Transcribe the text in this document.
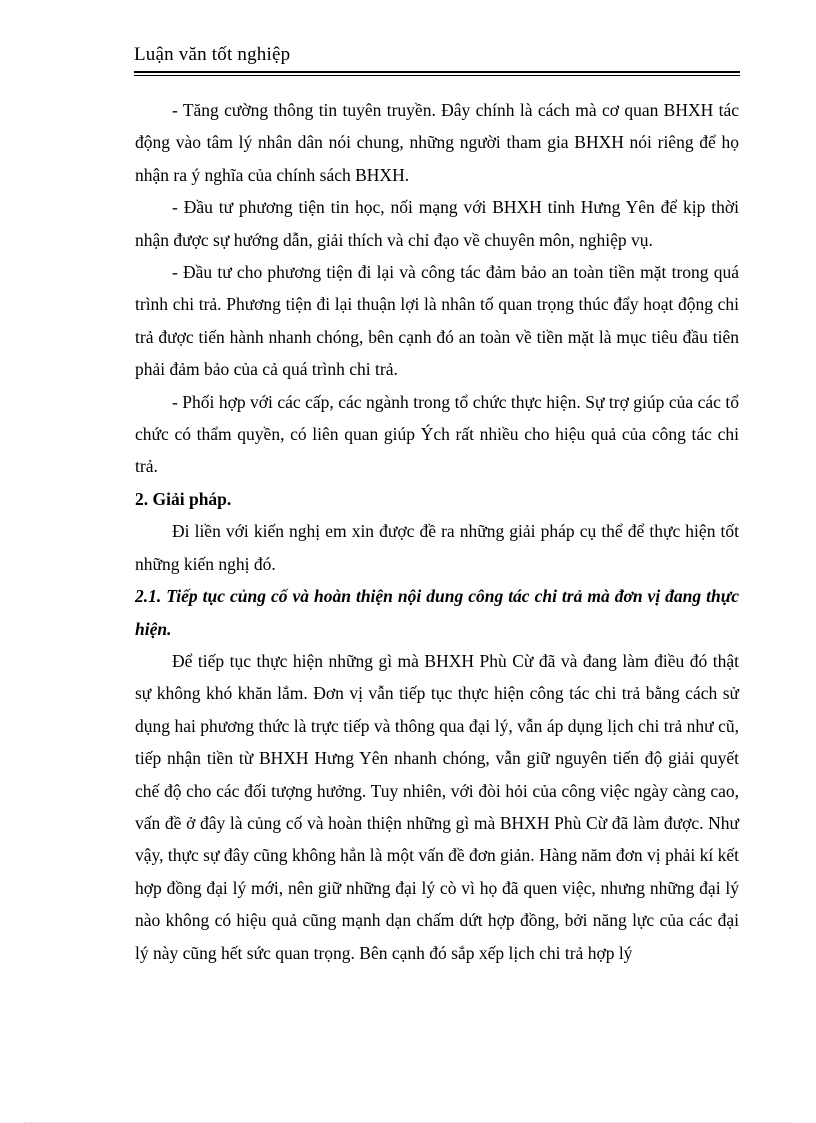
Luận văn tốt nghiệp

- Tăng cường thông tin tuyên truyền. Đây chính là cách mà cơ quan BHXH tác động vào tâm lý nhân dân nói chung, những người tham gia BHXH nói riêng để họ nhận ra ý nghĩa của chính sách BHXH.

- Đầu tư phương tiện tin học, nối mạng với BHXH tỉnh Hưng Yên để kịp thời nhận được sự hướng dẫn, giải thích và chỉ đạo về chuyên môn, nghiệp vụ.

- Đầu tư cho phương tiện đi lại và công tác đảm bảo an toàn tiền mặt trong quá trình chi trả. Phương tiện đi lại thuận lợi là nhân tố quan trọng thúc đẩy hoạt động chi trả được tiến hành nhanh chóng, bên cạnh đó an toàn về tiền mặt là mục tiêu đầu tiên phải đảm bảo của cả quá trình chi trả.

- Phối hợp với các cấp, các ngành trong tổ chức thực hiện. Sự trợ giúp của các tổ chức có thẩm quyền, có liên quan giúp Ých rất nhiều cho hiệu quả của công tác chi trả.

2. Giải pháp.

Đi liền với kiến nghị em xin được đề ra những giải pháp cụ thể để thực hiện tốt những kiến nghị đó.

2.1. Tiếp tục củng cố và hoàn thiện nội dung công tác chi trả mà đơn vị đang thực hiện.

Để tiếp tục thực hiện những gì mà BHXH Phù Cừ đã và đang làm điều đó thật sự không khó khăn lắm. Đơn vị vẫn tiếp tục thực hiện công tác chi trả bằng cách sử dụng hai phương thức là trực tiếp và thông qua đại lý, vẫn áp dụng lịch chi trả như cũ, tiếp nhận tiền từ BHXH Hưng Yên nhanh chóng, vẫn giữ nguyên tiến độ giải quyết chế độ cho các đối tượng hưởng. Tuy nhiên, với đòi hỏi của công việc ngày càng cao, vấn đề ở đây là củng cố và hoàn thiện những gì mà BHXH Phù Cừ đã làm được. Như vậy, thực sự đây cũng không hẳn là một vấn đề đơn giản. Hàng năm đơn vị phải kí kết hợp đồng đại lý mới, nên giữ những đại lý cò vì họ đã quen việc, nhưng những đại lý nào không có hiệu quả cũng mạnh dạn chấm dứt hợp đồng, bởi năng lực của các đại lý này cũng hết sức quan trọng. Bên cạnh đó sắp xếp lịch chi trả hợp lý
